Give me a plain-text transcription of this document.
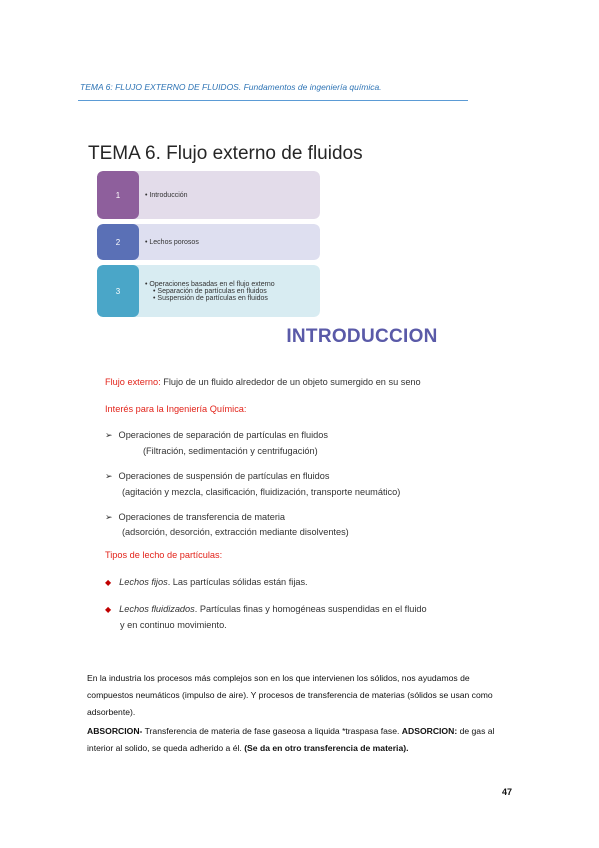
TEMA 6: FLUJO EXTERNO DE FLUIDOS. Fundamentos de ingeniería química.
TEMA 6. Flujo externo de fluidos
• Introducción
1
• Lechos porosos
2
• Operaciones basadas en el flujo externo
• Separación de partículas en fluidos
• Suspensión de partículas en fluidos
3
INTRODUCCION
Flujo externo: Flujo de un fluido alrededor de un objeto sumergido en su seno
Interés para la Ingeniería Química:
➢ Operaciones de separación de partículas en fluidos
(Filtración, sedimentación y centrifugación)
➢ Operaciones de suspensión de partículas en fluidos
(agitación y mezcla, clasificación, fluidización, transporte neumático)
➢ Operaciones de transferencia de materia
(adsorción, desorción, extracción mediante disolventes)
Tipos de lecho de partículas:
◆ Lechos fijos. Las partículas sólidas están fijas.
◆ Lechos fluidizados. Partículas finas y homogéneas suspendidas en el fluido
y en continuo movimiento.
En la industria los procesos más complejos son en los que intervienen los sólidos, nos ayudamos de compuestos neumáticos (impulso de aire). Y procesos de transferencia de materias (sólidos se usan como adsorbente).
ABSORCION- Transferencia de materia de fase gaseosa a liquida *traspasa fase. ADSORCION: de gas al interior al solido, se queda adherido a él. (Se da en otro transferencia de materia).
47
